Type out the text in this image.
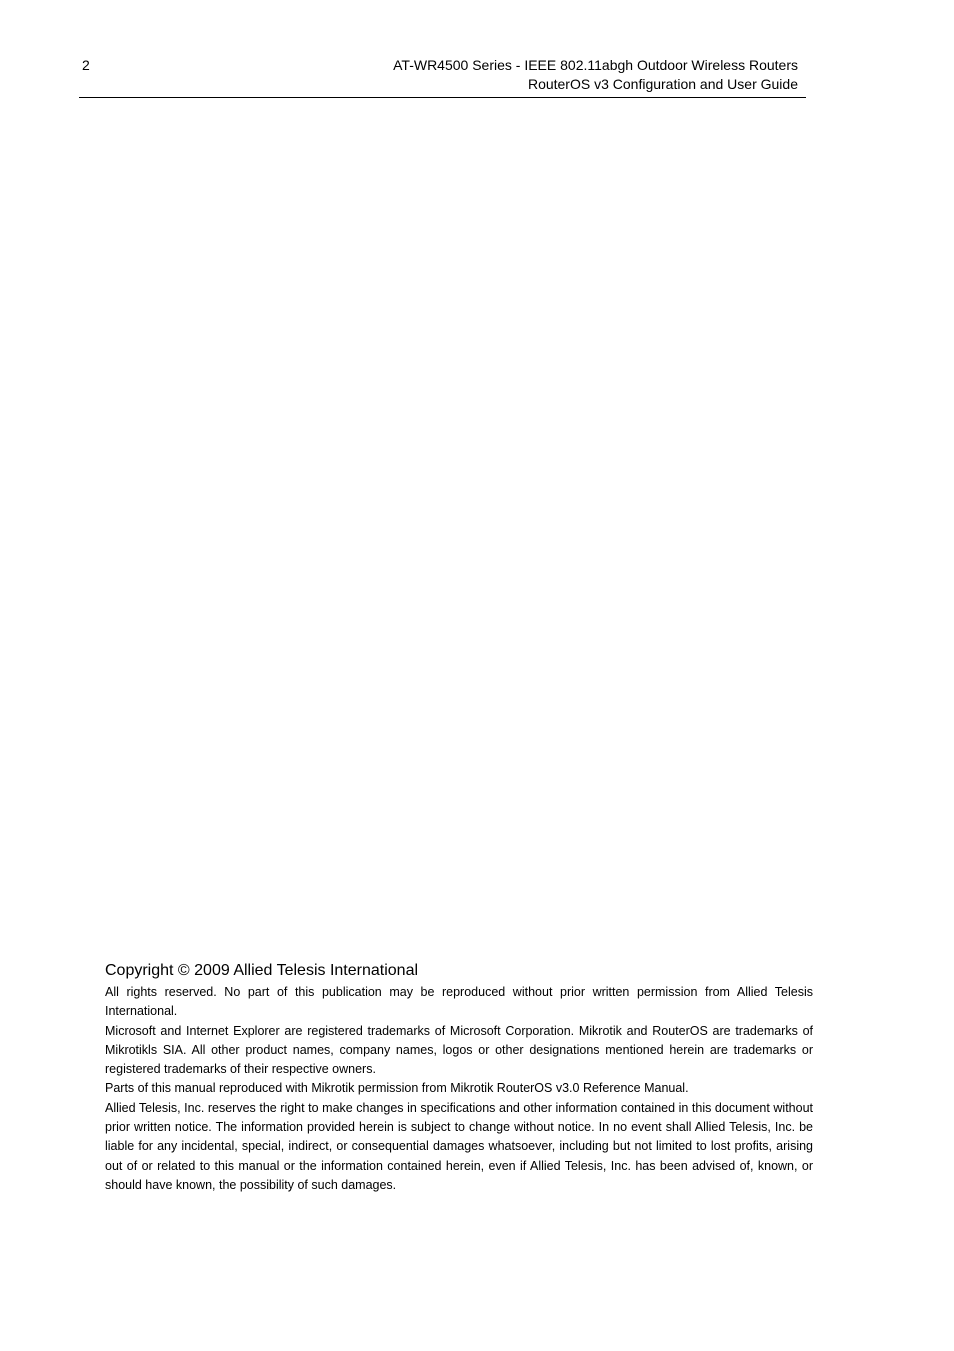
2	AT-WR4500 Series - IEEE 802.11abgh Outdoor Wireless Routers
RouterOS v3 Configuration and User Guide
Copyright © 2009 Allied Telesis International

All rights reserved. No part of this publication may be reproduced without prior written permission from Allied Telesis International.

Microsoft and Internet Explorer are registered trademarks of Microsoft Corporation. Mikrotik and RouterOS are trademarks of Mikrotikls SIA. All other product names, company names, logos or other designations mentioned herein are trademarks or registered trademarks of their respective owners.

Parts of this manual reproduced with Mikrotik permission from Mikrotik RouterOS v3.0 Reference Manual.

Allied Telesis, Inc. reserves the right to make changes in specifications and other information contained in this document without prior written notice. The information provided herein is subject to change without notice. In no event shall Allied Telesis, Inc. be liable for any incidental, special, indirect, or consequential damages whatsoever, including but not limited to lost profits, arising out of or related to this manual or the information contained herein, even if Allied Telesis, Inc. has been advised of, known, or should have known, the possibility of such damages.
